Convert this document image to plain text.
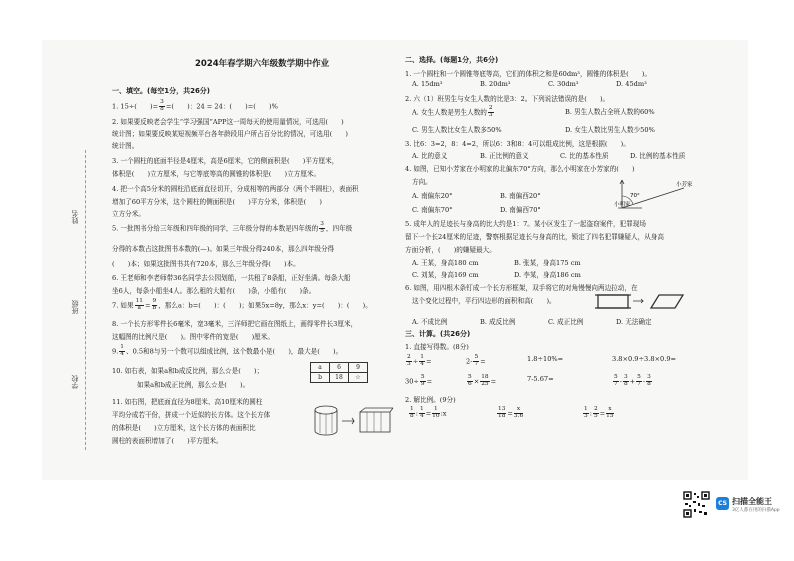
姓名
班级
学校
2024年春学期六年级数学期中作业
一、填空。(每空1分，共26分)
1. 15÷(　　)= $\frac{3}{8}$ =(　　)：24 = 24：(　　)=(　　)%
2. 如果要反映老会学生“学习强国”APP这一周每天的使用量情况，可选用(　　)
统计图；如果要反映某短视频平台各年龄段用户所占百分比的情况，可选用(　　)
统计图。
3. 一个圆柱的底面半径是4厘米，高是6厘米，它的侧面积是(　　)平方厘米，
体积是(　　)立方厘米，与它等底等高的圆锥的体积是(　　)立方厘米。
4. 把一个高5分米的圆柱沿底面直径切开，分成相等的两部分（两个半圆柱），表面积
增加了60平方分米，这个圆柱的侧面积是(　　)平方分米，体积是(　　)
立方分米。
5. 一批图书分给三年级和四年级的同学，三年级分得的本数是四年级的 $\frac{3}{5}$ ，四年级
分得的本数占这批图书本数的(—)。如果三年级分得240本，那么四年级分得
(　　)本；如果这批图书共有720本，那么三年级分得(　　)本。
6. 王老师和李老师带36名同学去公园划船，一共租了8条船，正好坐满。每条大船
坐6人，每条小船坐4人。那么租的大船有(　　)条，小船有(　　)条。
7. 如果 $\frac{11}{a} = \frac{9}{b}$ ，那么a：b=(　　)：(　　)；如果5x=8y，那么x：y=(　　)：(　　)。
8. 一个长方形零件长6毫米，宽3毫米，三洋师把它画在图纸上，画得零件长3厘米，
这幅图的比例尺是(　　)。图中零件的宽是(　　)厘米。
9. $\frac{1}{4}$ 、0.5和8与另一个数可以组成比例，这个数最小是(　　)，最大是(　　)。
10. 如右表，如果a和b成反比例，那么☆是(　　)；
如果a和b成正比例，那么☆是(　　)。
a	6	9
b	18	☆
11. 如右图，把底面直径为8厘米、高10厘米的圆柱
平均分成若干份，拼成一个近似的长方体。这个长方体
的体积是(　　)立方厘米，这个长方体的表面积比
圆柱的表面积增加了(　　)平方厘米。
二、选择。(每题1分，共6分)
1. 一个圆柱和一个圆锥等底等高，它们的体积之和是60dm³，圆锥的体积是(　　)。
A. 15dm³	B. 20dm³	C. 30dm³	D. 45dm³
2. 六（1）班男生与女生人数的比是3：2。下列说法错误的是(　　)。
A. 女生人数是男生人数的 $\frac{2}{3}$	B. 男生人数占全班人数的60%
C. 男生人数比女生人数多50%	D. 女生人数比男生人数少50%
3. 比6：3=2，8：4=2，所以6：3和8：4可以组成比例，这是根据(　　)。
A. 比的意义	B. 正比例的意义	C. 比的基本性质	D. 比例的基本性质
4. 如图，已知小芳家在小明家的北偏东70°方向，那么小明家在小芳家的(　　)
方向。
A. 南偏东20°	B. 南偏西20°
C. 南偏东70°	D. 南偏西70°
小芳家
小明家
70°
5. 成年人的足迹长与身高的比大约是1：7。某小区发生了一起盗窃案件，犯罪现场
留下一个长24厘米的足迹，警察根据足迹长与身高的比，锁定了四名犯罪嫌疑人，从身高
方面分析，(　　)的嫌疑最大。
A. 王某，身高180 cm	B. 张某，身高175 cm
C. 刘某，身高169 cm	D. 李某，身高186 cm
6. 如图，用四根木条钉成一个长方形框架，双手将它的对角慢慢向两边拉动，在
这个变化过程中，平行四边形的面积和高(　　)。
A. 不成比例	B. 成反比例	C. 成正比例	D. 无法确定
三、计算。(共26分)
1. 直接写得数。(8分)
$\frac{2}{3} \div \frac{1}{4}$ =	$2- \frac{5}{7}$ =	1.8÷10%=	3.8×0.9÷3.8×0.9=
$30\div \frac{5}{9}$ =	$\frac{5}{6} \times \frac{18}{25}$ =	7-5.67=	$\frac{5}{7} - \frac{3}{8} + \frac{5}{7} - \frac{3}{8}$
2. 解比例。(9分)
$\frac{1}{8}$ : $\frac{1}{4} = \frac{1}{10}$ :x	$\frac{13}{18} = \frac{x}{3.6}$	$\frac{1}{3}$ : $\frac{2}{5} = \frac{x}{15}$
CS 扫描全能王
3亿人都在用的扫描App
